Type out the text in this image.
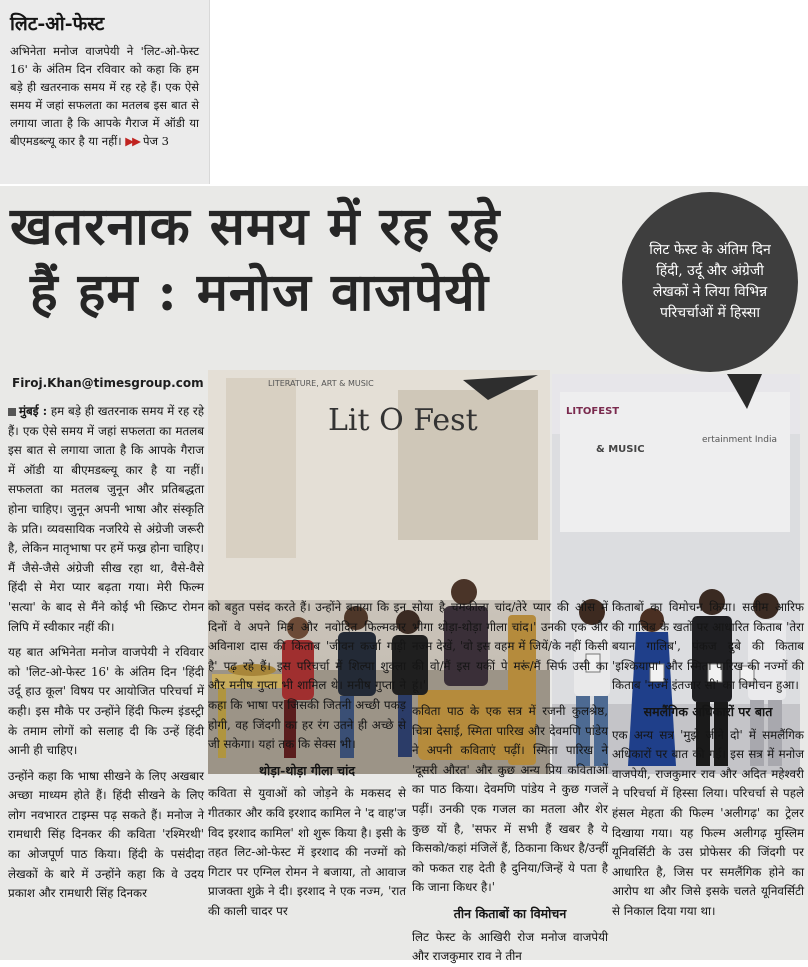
लिट-ओ-फेस्ट
अभिनेता मनोज वाजपेयी ने 'लिट-ओ-फेस्ट 16' के अंतिम दिन रविवार को कहा कि हम बड़े ही खतरनाक समय में रह रहे हैं। एक ऐसे समय में जहां सफलता का मतलब इस बात से लगाया जाता है कि आपके गैराज में ऑडी या बीएमडब्ल्यू कार है या नहीं। ▶▶ पेज 3
खतरनाक समय में रह रहे
हैं हम : मनोज वाजपेयी
लिट फेस्ट के अंतिम दिन हिंदी, उर्दू और अंग्रेजी लेखकों ने लिया विभिन्न परिचर्चाओं में हिस्सा
Firoj.Khan@timesgroup.com	LITERATURE, ART & MUSIC
Lit O Fest	LITOFEST
& MUSIC
ertainment India

मुंबई : हम बड़े ही खतरनाक समय में रह रहे हैं। एक ऐसे समय में जहां सफलता का मतलब इस बात से लगाया जाता है कि आपके गैराज में ऑडी या बीएमडब्ल्यू कार है या नहीं। सफलता का मतलब जुनून और प्रतिबद्धता होना चाहिए। जुनून अपनी भाषा और संस्कृति के प्रति। व्यवसायिक नजरिये से अंग्रेजी जरूरी है, लेकिन मातृभाषा पर हमें फख्र होना चाहिए। मैं जैसे-जैसे अंग्रेजी सीख रहा था, वैसे-वैसे हिंदी से मेरा प्यार बढ़ता गया। मेरी फिल्म 'सत्या' के बाद से मैंने कोई भी स्क्रिप्ट रोमन लिपि में स्वीकार नहीं की।

यह बात अभिनेता मनोज वाजपेयी ने रविवार को 'लिट-ओ-फेस्ट 16' के अंतिम दिन 'हिंदी उर्दू हाउ कूल' विषय पर आयोजित परिचर्चा में कही। इस मौके पर उन्होंने हिंदी फिल्म इंडस्ट्री के तमाम लोगों को सलाह दी कि उन्हें हिंदी आनी ही चाहिए।

उन्होंने कहा कि भाषा सीखने के लिए अखबार अच्छा माध्यम होते हैं। हिंदी सीखने के लिए लोग नवभारत टाइम्स पढ़ सकते हैं। मनोज ने रामधारी सिंह दिनकर की कविता 'रश्मिरथी' का ओजपूर्ण पाठ किया। हिंदी के पसंदीदा लेखकों के बारे में उन्होंने कहा कि वे उदय प्रकाश और रामधारी सिंह दिनकर

को बहुत पसंद करते हैं। उन्होंने बताया कि इन दिनों वे अपने मित्र और नवोदित फिल्मकार अविनाश दास की किताब 'जीवन कर्जा गाड़ी है' पढ़ रहे हैं। इस परिचर्चा में शिल्पा शुक्ला और मनीष गुप्ता भी शामिल थे। मनीष गुप्ता ने कहा कि भाषा पर जिसकी जितनी अच्छी पकड़ होगी, वह जिंदगी का हर रंग उतने ही अच्छे से जी सकेगा। यहां तक कि सेक्स भी।

थोड़ा-थोड़ा गीला चांद

कविता से युवाओं को जोड़ने के मकसद से गीतकार और कवि इरशाद कामिल ने 'द वाह'ज विद इरशाद कामिल' शो शुरू किया है। इसी के तहत लिट-ओ-फेस्ट में इरशाद की नज्मों को गिटार पर एग्निल रोमन ने बजाया, तो आवाज प्राजक्ता शुक्रे ने दी। इरशाद ने एक नज्म, 'रात की काली चादर पर

सोया है चमकीला चांद/तेरे प्यार की ओस में भीगा थोड़ा-थोड़ा गीला चांद।' उनकी एक और नज्म देखें, 'वो इस वहम में जियें/के नहीं किसी की वो/मैं इस यकीं पे मरूं/मैं सिर्फ उसी का हूं।'

कविता पाठ के एक सत्र में रजनी कुलश्रेष्ठ, चित्रा देसाई, स्मिता पारिख और देवमणि पांडेय ने अपनी कविताएं पढ़ीं। स्मिता पारिख ने 'दूसरी औरत' और कुछ अन्य प्रिय कविताओं का पाठ किया। देवमणि पांडेय ने कुछ गजलें पढ़ीं। उनकी एक गजल का मतला और शेर कुछ यों है, 'सफर में सभी हैं खबर है ये किसको/कहां मंजिलें हैं, ठिकाना किधर है/उन्हीं को फकत राह देती है दुनिया/जिन्हें ये पता है कि जाना किधर है।'

तीन किताबों का विमोचन

लिट फेस्ट के आखिरी रोज मनोज वाजपेयी और राजकुमार राव ने तीन

किताबों का विमोचन किया। सलीम आरिफ की गालिब के खतों पर आधारित किताब 'तेरा बयान गालिब', पंकज दुबे की किताब 'इश्कियापा' और स्मिता पारिख की नज्मों की किताब 'नज्में इंतजार सी' का विमोचन हुआ।

समलैंगिक अधिकारों पर बात

एक अन्य सत्र 'मुझे जीने दो' में समलैंगिक अधिकारों पर बात की गई। इस सत्र में मनोज वाजपेयी, राजकुमार राव और अदित महेश्वरी ने परिचर्चा में हिस्सा लिया। परिचर्चा से पहले हंसल मेहता की फिल्म 'अलीगढ़' का ट्रेलर दिखाया गया। यह फिल्म अलीगढ़ मुस्लिम यूनिवर्सिटी के उस प्रोफेसर की जिंदगी पर आधारित है, जिस पर समलैंगिक होने का आरोप था और जिसे इसके चलते यूनिवर्सिटी से निकाल दिया गया था।
